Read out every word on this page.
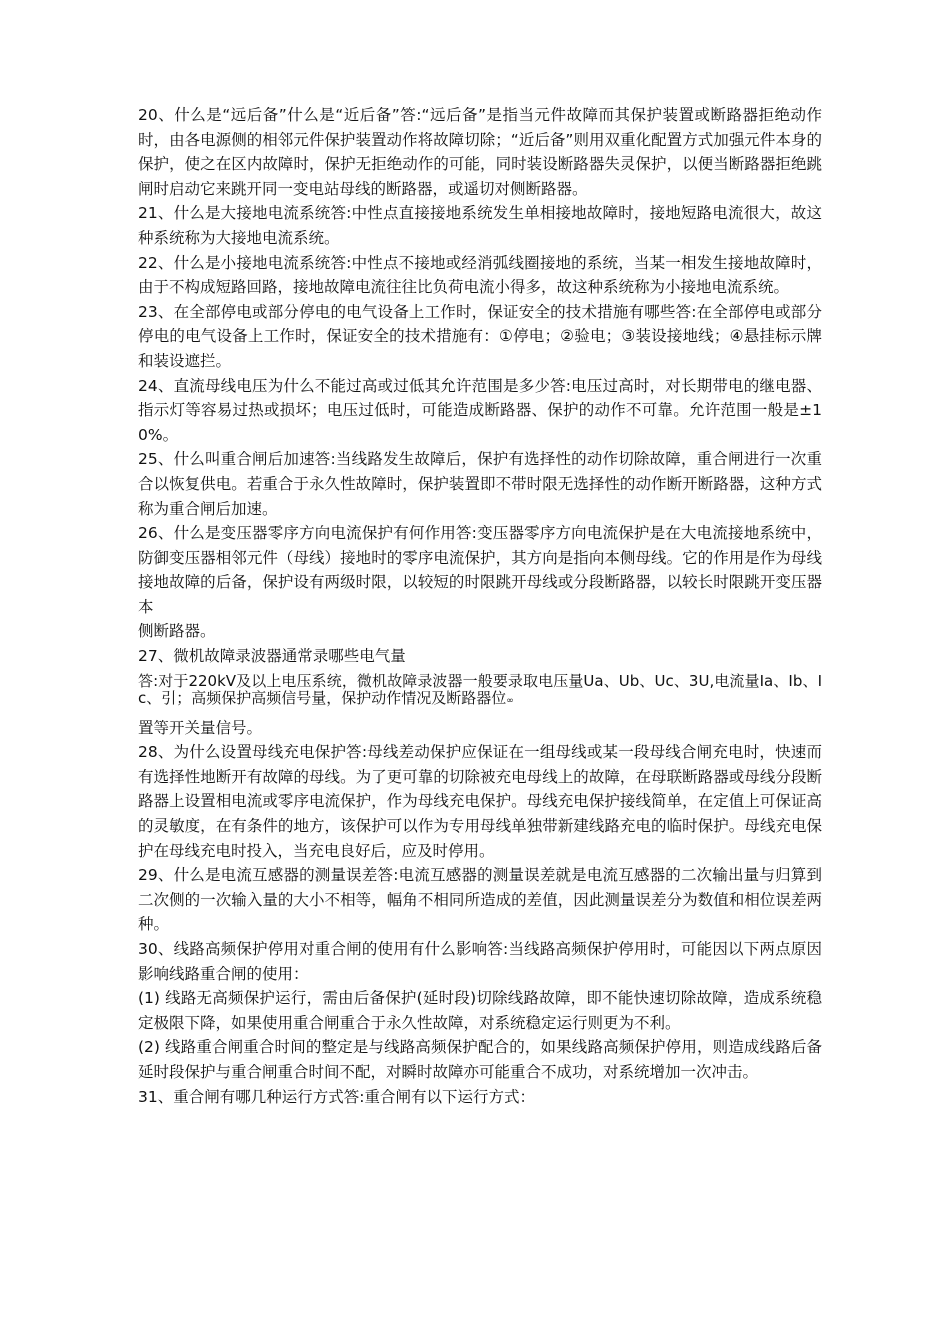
20、什么是“远后备”什么是“近后备”答:“远后备”是指当元件故障而其保护装置或断路器拒绝动作时，由各电源侧的相邻元件保护装置动作将故障切除；“近后备”则用双重化配置方式加强元件本身的保护，使之在区内故障时，保护无拒绝动作的可能，同时装设断路器失灵保护，以便当断路器拒绝跳闸时启动它来跳开同一变电站母线的断路器，或遥切对侧断路器。

21、什么是大接地电流系统答:中性点直接接地系统发生单相接地故障时，接地短路电流很大，故这种系统称为大接地电流系统。

22、什么是小接地电流系统答:中性点不接地或经消弧线圈接地的系统，当某一相发生接地故障时，由于不构成短路回路，接地故障电流往往比负荷电流小得多，故这种系统称为小接地电流系统。

23、在全部停电或部分停电的电气设备上工作时，保证安全的技术措施有哪些答:在全部停电或部分停电的电气设备上工作时，保证安全的技术措施有：①停电；②验电；③装设接地线；④悬挂标示牌和装设遮拦。

24、直流母线电压为什么不能过高或过低其允许范围是多少答:电压过高时，对长期带电的继电器、指示灯等容易过热或损坏；电压过低时，可能造成断路器、保护的动作不可靠。允许范围一般是±10%。

25、什么叫重合闸后加速答:当线路发生故障后，保护有选择性的动作切除故障，重合闸进行一次重合以恢复供电。若重合于永久性故障时，保护装置即不带时限无选择性的动作断开断路器，这种方式称为重合闸后加速。

26、什么是变压器零序方向电流保护有何作用答:变压器零序方向电流保护是在大电流接地系统中，防御变压器相邻元件（母线）接地时的零序电流保护，其方向是指向本侧母线。它的作用是作为母线接地故障的后备，保护设有两级时限，以较短的时限跳开母线或分段断路器，以较长时限跳开变压器本

侧断路器。

27、微机故障录波器通常录哪些电气量

答:对于220kV及以上电压系统，微机故障录波器一般要录取电压量Ua、Ub、Uc、3U,电流量Ia、Ib、Ic、引；高频保护高频信号量，保护动作情况及断路器位∞

置等开关量信号。

28、为什么设置母线充电保护答:母线差动保护应保证在一组母线或某一段母线合闸充电时，快速而有选择性地断开有故障的母线。为了更可靠的切除被充电母线上的故障，在母联断路器或母线分段断路器上设置相电流或零序电流保护，作为母线充电保护。母线充电保护接线简单，在定值上可保证高的灵敏度，在有条件的地方，该保护可以作为专用母线单独带新建线路充电的临时保护。母线充电保护在母线充电时投入，当充电良好后，应及时停用。

29、什么是电流互感器的测量误差答:电流互感器的测量误差就是电流互感器的二次输出量与归算到二次侧的一次输入量的大小不相等，幅角不相同所造成的差值，因此测量误差分为数值和相位误差两种。

30、线路高频保护停用对重合闸的使用有什么影响答:当线路高频保护停用时，可能因以下两点原因影响线路重合闸的使用：

(1) 线路无高频保护运行，需由后备保护(延时段)切除线路故障，即不能快速切除故障，造成系统稳定极限下降，如果使用重合闸重合于永久性故障，对系统稳定运行则更为不利。

(2) 线路重合闸重合时间的整定是与线路高频保护配合的，如果线路高频保护停用，则造成线路后备延时段保护与重合闸重合时间不配，对瞬时故障亦可能重合不成功，对系统增加一次冲击。

31、重合闸有哪几种运行方式答:重合闸有以下运行方式：
